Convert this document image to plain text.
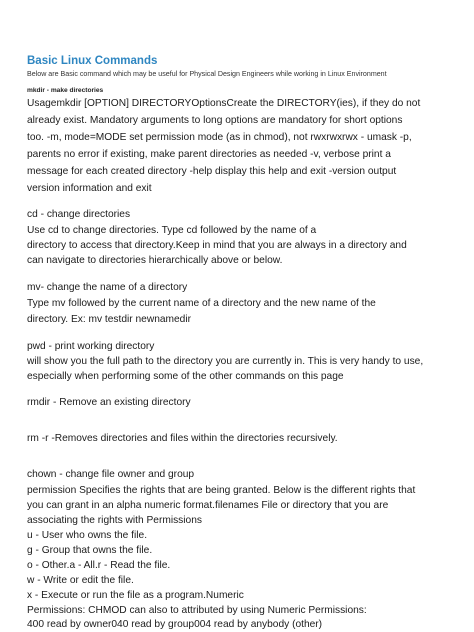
Basic Linux Commands
Below are Basic command which may be useful for Physical Design Engineers while working in Linux Environment
mkdir - make directories
Usagemkdir [OPTION] DIRECTORYOptionsCreate the DIRECTORY(ies), if they do not
already exist. Mandatory arguments to long options are mandatory for short options
too. -m, mode=MODE set permission mode (as in chmod), not rwxrwxrwx - umask -p,
parents no error if existing, make parent directories as needed -v, verbose print a
message for each created directory -help display this help and exit -version output
version information and exit
cd - change directories
Use cd to change directories. Type cd followed by the name of a
directory to access that directory.Keep in mind that you are always in a directory and
can navigate to directories hierarchically above or below.
mv- change the name of a directory
Type mv followed by the current name of a directory and the new name of the
directory. Ex: mv testdir newnamedir
pwd - print working directory
will show you the full path to the directory you are currently in. This is very handy to use,
especially when performing some of the other commands on this page
rmdir - Remove an existing directory
rm -r -Removes directories and files within the directories recursively.
chown - change file owner and group
permission Specifies the rights that are being granted. Below is the different rights that
you can grant in an alpha numeric format.filenames File or directory that you are
associating the rights with Permissions
u - User who owns the file.
g - Group that owns the file.
o - Other.a - All.r - Read the file.
w - Write or edit the file.
x - Execute or run the file as a program.Numeric
Permissions: CHMOD can also to attributed by using Numeric Permissions:
400 read by owner040 read by group004 read by anybody (other)
